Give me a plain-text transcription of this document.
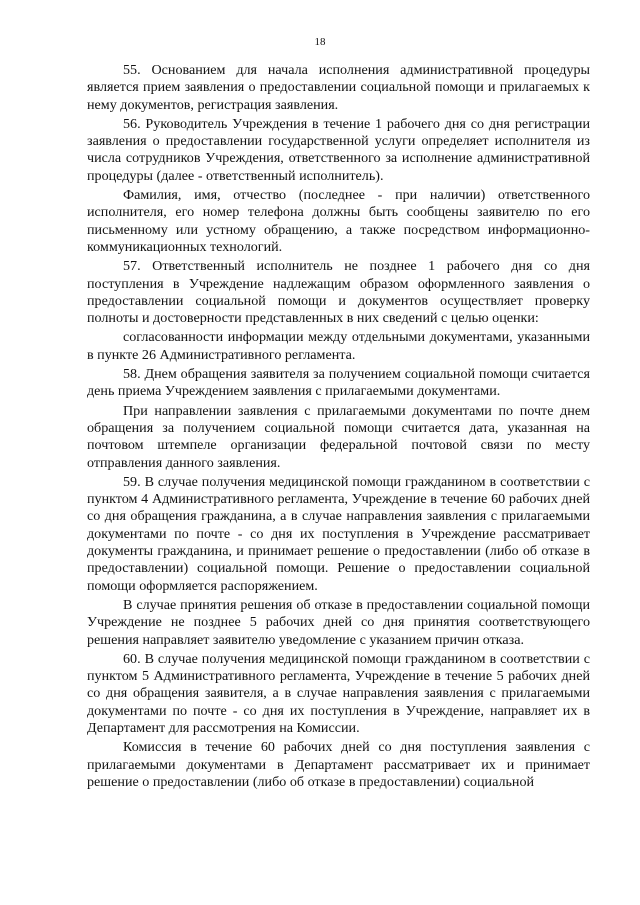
18

55. Основанием для начала исполнения административной процедуры является прием заявления о предоставлении социальной помощи и прилагаемых к нему документов, регистрация заявления.

56. Руководитель Учреждения в течение 1 рабочего дня со дня регистрации заявления о предоставлении государственной услуги определяет исполнителя из числа сотрудников Учреждения, ответственного за исполнение административной процедуры (далее - ответственный исполнитель).

Фамилия, имя, отчество (последнее - при наличии) ответственного исполнителя, его номер телефона должны быть сообщены заявителю по его письменному или устному обращению, а также посредством информационно-коммуникационных технологий.

57. Ответственный исполнитель не позднее 1 рабочего дня со дня поступления в Учреждение надлежащим образом оформленного заявления о предоставлении социальной помощи и документов осуществляет проверку полноты и достоверности представленных в них сведений с целью оценки:

согласованности информации между отдельными документами, указанными в пункте 26 Административного регламента.

58. Днем обращения заявителя за получением социальной помощи считается день приема Учреждением заявления с прилагаемыми документами.

При направлении заявления с прилагаемыми документами по почте днем обращения за получением социальной помощи считается дата, указанная на почтовом штемпеле организации федеральной почтовой связи по месту отправления данного заявления.

59. В случае получения медицинской помощи гражданином в соответствии с пунктом 4 Административного регламента, Учреждение в течение 60 рабочих дней со дня обращения гражданина, а в случае направления заявления с прилагаемыми документами по почте - со дня их поступления в Учреждение рассматривает документы гражданина, и принимает решение о предоставлении (либо об отказе в предоставлении) социальной помощи. Решение о предоставлении социальной помощи оформляется распоряжением.

В случае принятия решения об отказе в предоставлении социальной помощи Учреждение не позднее 5 рабочих дней со дня принятия соответствующего решения направляет заявителю уведомление с указанием причин отказа.

60. В случае получения медицинской помощи гражданином в соответствии с пунктом 5 Административного регламента, Учреждение в течение 5 рабочих дней со дня обращения заявителя, а в случае направления заявления с прилагаемыми документами по почте - со дня их поступления в Учреждение, направляет их в Департамент для рассмотрения на Комиссии.

Комиссия в течение 60 рабочих дней со дня поступления заявления с прилагаемыми документами в Департамент рассматривает их и принимает решение о предоставлении (либо об отказе в предоставлении) социальной
